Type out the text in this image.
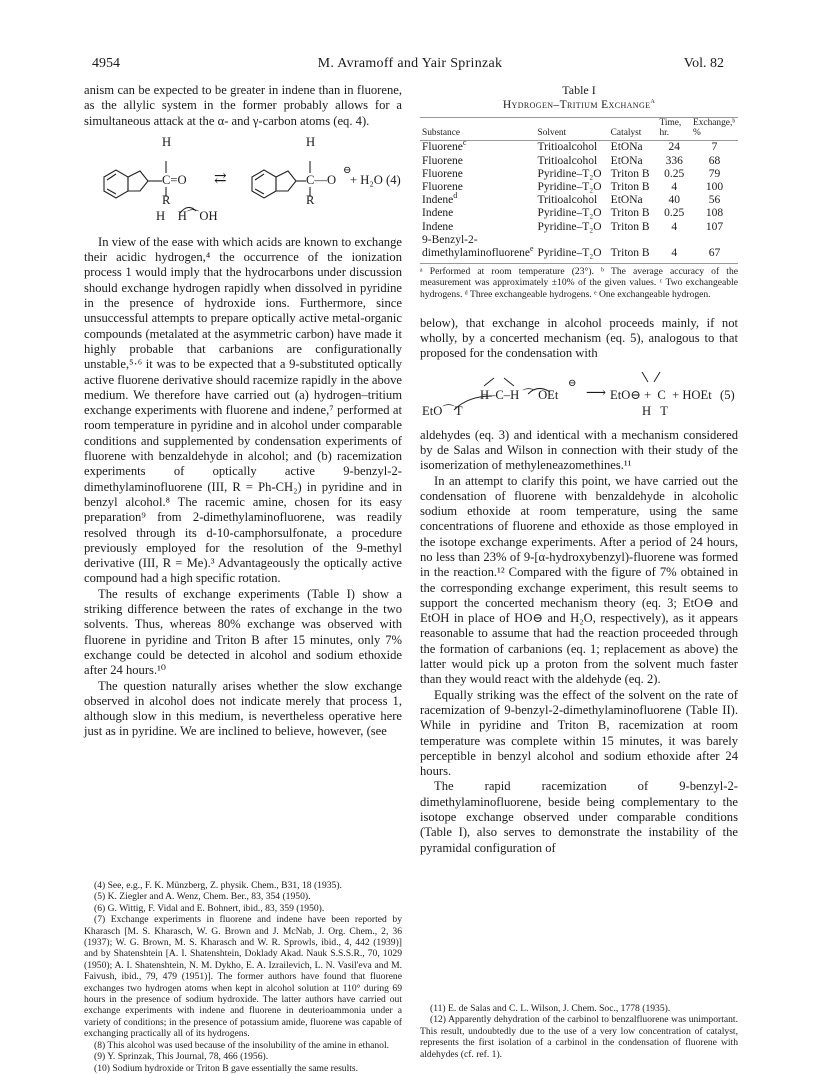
4954	M. Avramoff and Yair Sprinzak	Vol. 82

anism can be expected to be greater in indene than in fluorene, as the allylic system in the former probably allows for a simultaneous attack at the α- and γ-carbon atoms (eq. 4).

H	H
C=O ⇄	C—O
⊖
+ H₂O (4)
R	R
H    H⌒OH

In view of the ease with which acids are known to exchange their acidic hydrogen,⁴ the occurrence of the ionization process 1 would imply that the hydrocarbons under discussion should exchange hydrogen rapidly when dissolved in pyridine in the presence of hydroxide ions. Furthermore, since unsuccessful attempts to prepare optically active metal-organic compounds (metalated at the asymmetric carbon) have made it highly probable that carbanions are configurationally unstable,⁵·⁶ it was to be expected that a 9-substituted optically active fluorene derivative should racemize rapidly in the above medium. We therefore have carried out (a) hydrogen–tritium exchange experiments with fluorene and indene,⁷ performed at room temperature in pyridine and in alcohol under comparable conditions and supplemented by condensation experiments of fluorene with benzaldehyde in alcohol; and (b) racemization experiments of optically active 9-benzyl-2-dimethylaminofluorene (III, R = Ph-CH₂) in pyridine and in benzyl alcohol.⁸ The racemic amine, chosen for its easy preparation⁹ from 2-dimethylaminofluorene, was readily resolved through its d-10-camphorsulfonate, a procedure previously employed for the resolution of the 9-methyl derivative (III, R = Me).³ Advantageously the optically active compound had a high specific rotation.

The results of exchange experiments (Table I) show a striking difference between the rates of exchange in the two solvents. Thus, whereas 80% exchange was observed with fluorene in pyridine and Triton B after 15 minutes, only 7% exchange could be detected in alcohol and sodium ethoxide after 24 hours.¹⁰

The question naturally arises whether the slow exchange observed in alcohol does not indicate merely that process 1, although slow in this medium, is nevertheless operative here just as in pyridine. We are inclined to believe, however, (see

(4) See, e.g., F. K. Münzberg, Z. physik. Chem., B31, 18 (1935).

(5) K. Ziegler and A. Wenz, Chem. Ber., 83, 354 (1950).

(6) G. Wittig, F. Vidal and E. Bohnert, ibid., 83, 359 (1950).

(7) Exchange experiments in fluorene and indene have been reported by Kharasch [M. S. Kharasch, W. G. Brown and J. McNab, J. Org. Chem., 2, 36 (1937); W. G. Brown, M. S. Kharasch and W. R. Sprowls, ibid., 4, 442 (1939)] and by Shatenshtein [A. I. Shatenshtein, Doklady Akad. Nauk S.S.S.R., 70, 1029 (1950); A. I. Shatenshtein, N. M. Dykho, E. A. Izrailevich, L. N. Vasil'eva and M. Faivush, ibid., 79, 479 (1951)]. The former authors have found that fluorene exchanges two hydrogen atoms when kept in alcohol solution at 110° during 69 hours in the presence of sodium hydroxide. The latter authors have carried out exchange experiments with indene and fluorene in deuterioammonia under a variety of conditions; in the presence of potassium amide, fluorene was capable of exchanging practically all of its hydrogens.

(8) This alcohol was used because of the insolubility of the amine in ethanol.

(9) Y. Sprinzak, This Journal, 78, 466 (1956).

(10) Sodium hydroxide or Triton B gave essentially the same results.

Table I
Hydrogen–Tritium Exchange$^a$
Substance	Solvent	Catalyst	Time, hr.	Exchange,ᵇ %
Fluorene$^c$	Tritioalcohol	EtONa	24	7
Fluorene	Tritioalcohol	EtONa	336	68
Fluorene	Pyridine–T₂O	Triton B	0.25	79
Fluorene	Pyridine–T₂O	Triton B	4	100
Indene$^d$	Tritioalcohol	EtONa	40	56
Indene	Pyridine–T₂O	Triton B	0.25	108
Indene	Pyridine–T₂O	Triton B	4	107
9-Benzyl-2-dimethylaminofluorene$^e$	Pyridine–T₂O	Triton B	4	67
ᵃ Performed at room temperature (23°). ᵇ The average accuracy of the measurement was approximately ±10% of the given values. ᶜ Two exchangeable hydrogens. ᵈ Three exchangeable hydrogens. ᵉ One exchangeable hydrogen.

below), that exchange in alcohol proceeds mainly, if not wholly, by a concerted mechanism (eq. 5), analogous to that proposed for the condensation with

H–C–H ⌒ OEt
⊖
⟶ EtO⊖ +  C  + HOEt (5)
EtO⌒T	H   T

aldehydes (eq. 3) and identical with a mechanism considered by de Salas and Wilson in connection with their study of the isomerization of methyleneazomethines.¹¹

In an attempt to clarify this point, we have carried out the condensation of fluorene with benzaldehyde in alcoholic sodium ethoxide at room temperature, using the same concentrations of fluorene and ethoxide as those employed in the isotope exchange experiments. After a period of 24 hours, no less than 23% of 9-[α-hydroxybenzyl)-fluorene was formed in the reaction.¹² Compared with the figure of 7% obtained in the corresponding exchange experiment, this result seems to support the concerted mechanism theory (eq. 3; EtO⊖ and EtOH in place of HO⊖ and H₂O, respectively), as it appears reasonable to assume that had the reaction proceeded through the formation of carbanions (eq. 1; replacement as above) the latter would pick up a proton from the solvent much faster than they would react with the aldehyde (eq. 2).

Equally striking was the effect of the solvent on the rate of racemization of 9-benzyl-2-dimethylaminofluorene (Table II). While in pyridine and Triton B, racemization at room temperature was complete within 15 minutes, it was barely perceptible in benzyl alcohol and sodium ethoxide after 24 hours.

The rapid racemization of 9-benzyl-2-dimethylaminofluorene, beside being complementary to the isotope exchange observed under comparable conditions (Table I), also serves to demonstrate the instability of the pyramidal configuration of

(11) E. de Salas and C. L. Wilson, J. Chem. Soc., 1778 (1935).

(12) Apparently dehydration of the carbinol to benzalfluorene was unimportant. This result, undoubtedly due to the use of a very low concentration of catalyst, represents the first isolation of a carbinol in the condensation of fluorene with aldehydes (cf. ref. 1).
